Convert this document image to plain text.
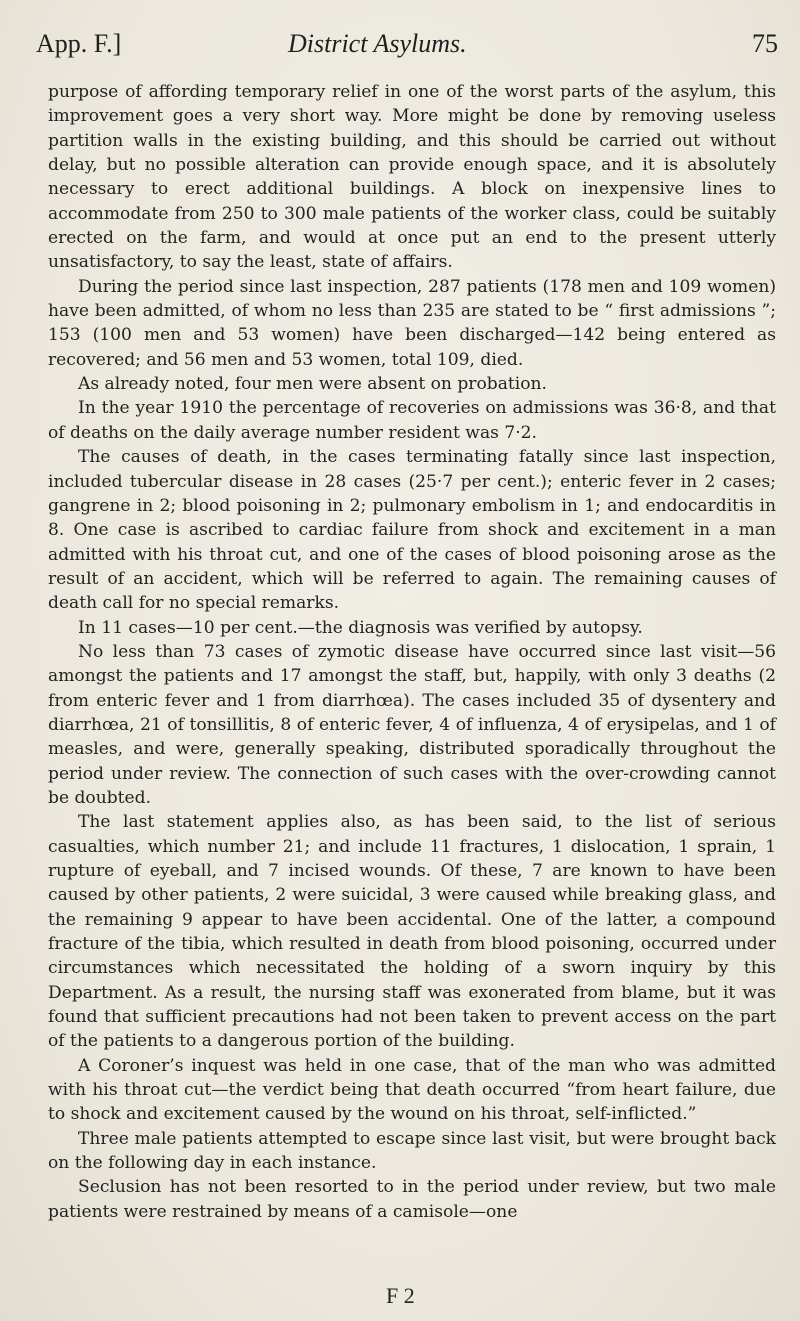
App. F.]	District Asylums.	75

purpose of affording temporary relief in one of the worst parts of the asylum, this improvement goes a very short way. More might be done by removing useless partition walls in the existing building, and this should be carried out without delay, but no possible alteration can provide enough space, and it is absolutely necessary to erect additional buildings. A block on inexpensive lines to accommodate from 250 to 300 male patients of the worker class, could be suitably erected on the farm, and would at once put an end to the present utterly unsatisfactory, to say the least, state of affairs.

During the period since last inspection, 287 patients (178 men and 109 women) have been admitted, of whom no less than 235 are stated to be “ first admissions ”; 153 (100 men and 53 women) have been discharged—142 being entered as recovered; and 56 men and 53 women, total 109, died.

As already noted, four men were absent on probation.

In the year 1910 the percentage of recoveries on admissions was 36·8, and that of deaths on the daily average number resident was 7·2.

The causes of death, in the cases terminating fatally since last inspection, included tubercular disease in 28 cases (25·7 per cent.); enteric fever in 2 cases; gangrene in 2; blood poisoning in 2; pulmonary embolism in 1; and endocarditis in 8. One case is ascribed to cardiac failure from shock and excitement in a man admitted with his throat cut, and one of the cases of blood poisoning arose as the result of an accident, which will be referred to again. The remaining causes of death call for no special remarks.

In 11 cases—10 per cent.—the diagnosis was verified by autopsy.

No less than 73 cases of zymotic disease have occurred since last visit—56 amongst the patients and 17 amongst the staff, but, happily, with only 3 deaths (2 from enteric fever and 1 from diarrhœa). The cases included 35 of dysentery and diarrhœa, 21 of tonsillitis, 8 of enteric fever, 4 of influenza, 4 of erysipelas, and 1 of measles, and were, generally speaking, distributed sporadically throughout the period under review. The connection of such cases with the over-crowding cannot be doubted.

The last statement applies also, as has been said, to the list of serious casualties, which number 21; and include 11 fractures, 1 dislocation, 1 sprain, 1 rupture of eyeball, and 7 incised wounds. Of these, 7 are known to have been caused by other patients, 2 were suicidal, 3 were caused while breaking glass, and the remaining 9 appear to have been accidental. One of the latter, a compound fracture of the tibia, which resulted in death from blood poisoning, occurred under circumstances which necessitated the holding of a sworn inquiry by this Department. As a result, the nursing staff was exonerated from blame, but it was found that sufficient precautions had not been taken to prevent access on the part of the patients to a dangerous portion of the building.

A Coroner’s inquest was held in one case, that of the man who was admitted with his throat cut—the verdict being that death occurred “from heart failure, due to shock and excitement caused by the wound on his throat, self-inflicted.”

Three male patients attempted to escape since last visit, but were brought back on the following day in each instance.

Seclusion has not been resorted to in the period under review, but two male patients were restrained by means of a camisole—one

F 2
